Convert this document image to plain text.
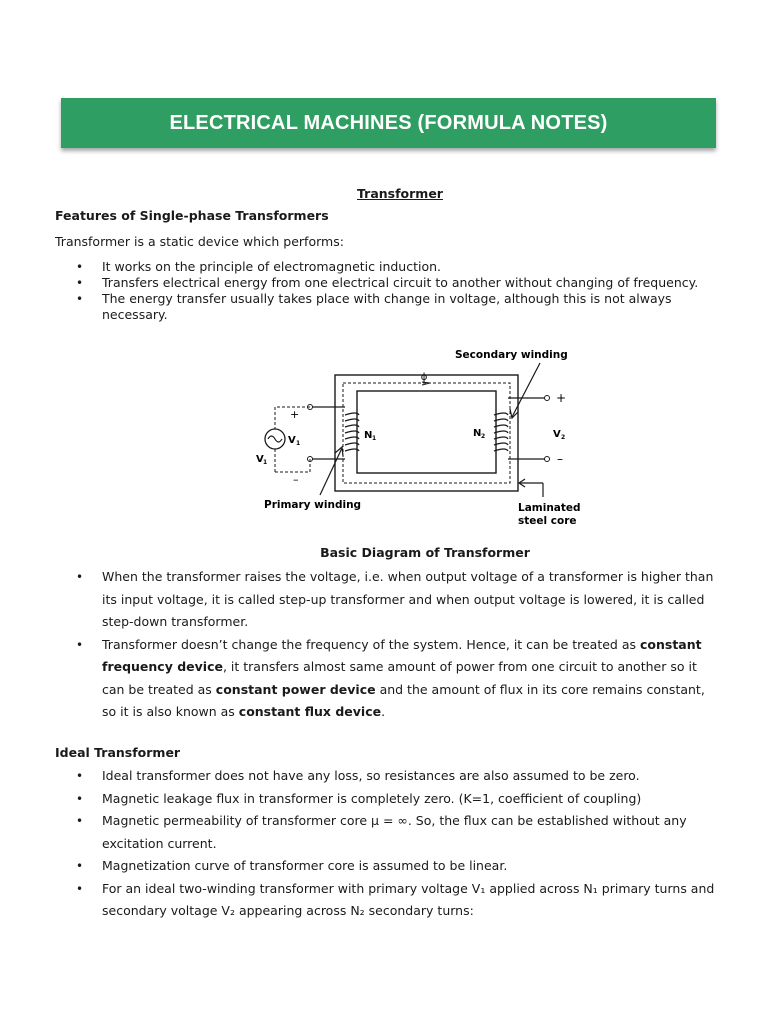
ELECTRICAL MACHINES (FORMULA NOTES)
Transformer
Features of Single-phase Transformers
Transformer is a static device which performs:
• It works on the principle of electromagnetic induction.
• Transfers electrical energy from one electrical circuit to another without changing of frequency.
• The energy transfer usually takes place with change in voltage, although this is not always necessary.
ϕ
+
–
V 1
V 1
N 1	N 2	V 2
+
–
Secondary winding
Primary winding	Laminated
steel core
Basic Diagram of Transformer
• When the transformer raises the voltage, i.e. when output voltage of a transformer is higher than its input voltage, it is called step-up transformer and when output voltage is lowered, it is called step-down transformer.
• Transformer doesn’t change the frequency of the system. Hence, it can be treated as constant frequency device, it transfers almost same amount of power from one circuit to another so it can be treated as constant power device and the amount of flux in its core remains constant, so it is also known as constant flux device.
Ideal Transformer
• Ideal transformer does not have any loss, so resistances are also assumed to be zero.
• Magnetic leakage flux in transformer is completely zero. (K=1, coefficient of coupling)
• Magnetic permeability of transformer core μ = ∞. So, the flux can be established without any excitation current.
• Magnetization curve of transformer core is assumed to be linear.
• For an ideal two-winding transformer with primary voltage V₁ applied across N₁ primary turns and secondary voltage V₂ appearing across N₂ secondary turns:
